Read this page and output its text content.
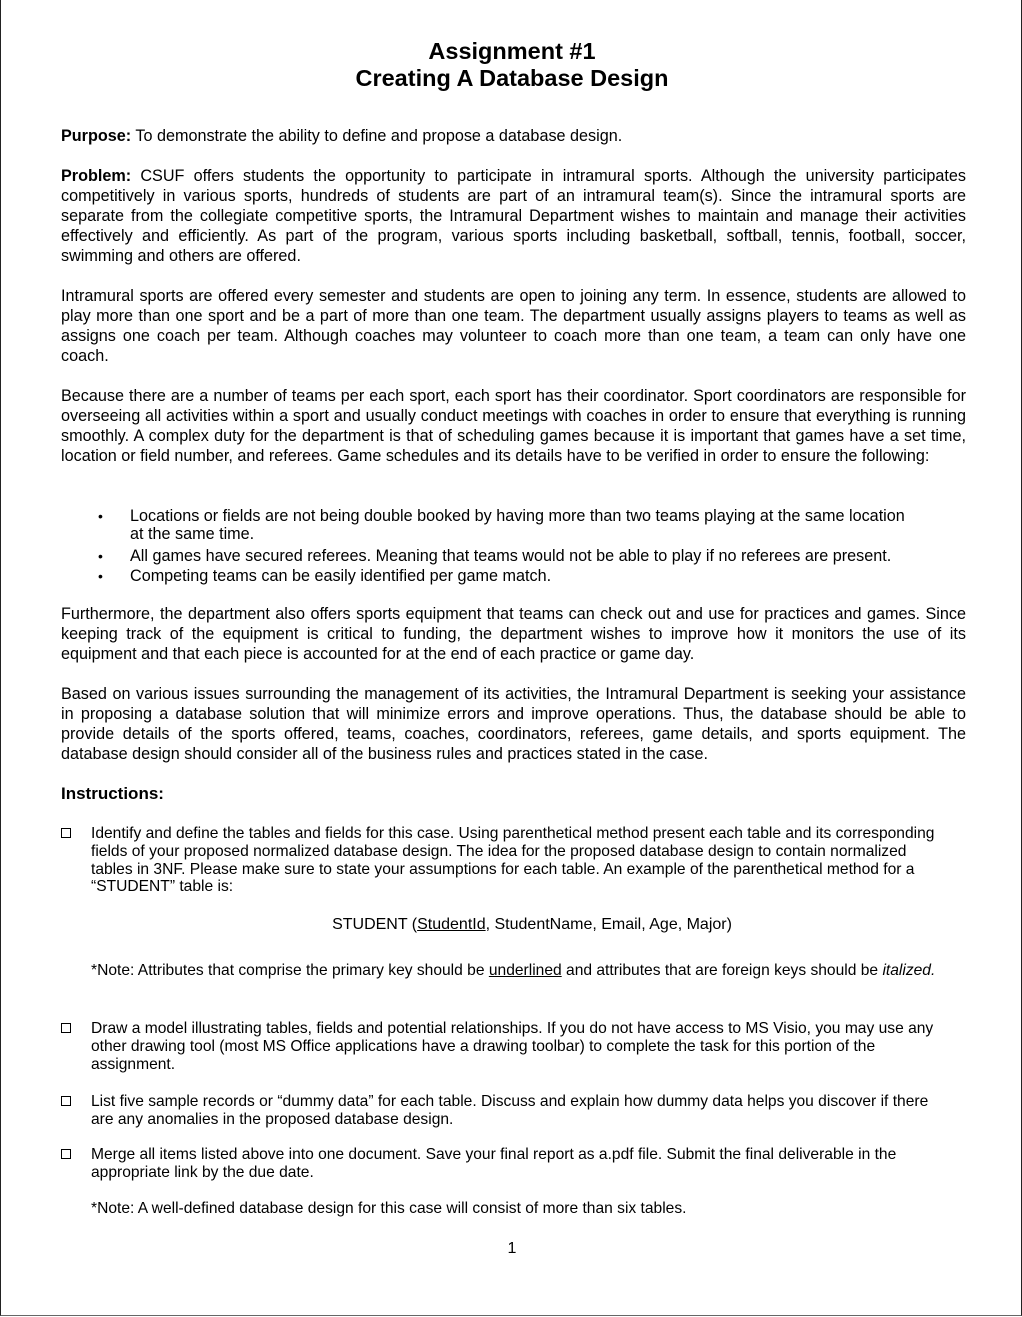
Assignment #1
Creating A Database Design
Purpose: To demonstrate the ability to define and propose a database design.
Problem: CSUF offers students the opportunity to participate in intramural sports. Although the university participates competitively in various sports, hundreds of students are part of an intramural team(s). Since the intramural sports are separate from the collegiate competitive sports, the Intramural Department wishes to maintain and manage their activities effectively and efficiently. As part of the program, various sports including basketball, softball, tennis, football, soccer, swimming and others are offered.
Intramural sports are offered every semester and students are open to joining any term. In essence, students are allowed to play more than one sport and be a part of more than one team. The department usually assigns players to teams as well as assigns one coach per team. Although coaches may volunteer to coach more than one team, a team can only have one coach.
Because there are a number of teams per each sport, each sport has their coordinator. Sport coordinators are responsible for overseeing all activities within a sport and usually conduct meetings with coaches in order to ensure that everything is running smoothly. A complex duty for the department is that of scheduling games because it is important that games have a set time, location or field number, and referees. Game schedules and its details have to be verified in order to ensure the following:
• Locations or fields are not being double booked by having more than two teams playing at the same location at the same time.
• All games have secured referees. Meaning that teams would not be able to play if no referees are present.
• Competing teams can be easily identified per game match.
Furthermore, the department also offers sports equipment that teams can check out and use for practices and games. Since keeping track of the equipment is critical to funding, the department wishes to improve how it monitors the use of its equipment and that each piece is accounted for at the end of each practice or game day.
Based on various issues surrounding the management of its activities, the Intramural Department is seeking your assistance in proposing a database solution that will minimize errors and improve operations. Thus, the database should be able to provide details of the sports offered, teams, coaches, coordinators, referees, game details, and sports equipment. The database design should consider all of the business rules and practices stated in the case.
Instructions:
Identify and define the tables and fields for this case. Using parenthetical method present each table and its corresponding fields of your proposed normalized database design. The idea for the proposed database design to contain normalized tables in 3NF. Please make sure to state your assumptions for each table. An example of the parenthetical method for a “STUDENT” table is:
STUDENT (StudentId, StudentName, Email, Age, Major)
*Note: Attributes that comprise the primary key should be underlined and attributes that are foreign keys should be italized.
Draw a model illustrating tables, fields and potential relationships. If you do not have access to MS Visio, you may use any other drawing tool (most MS Office applications have a drawing toolbar) to complete the task for this portion of the assignment.
List five sample records or “dummy data” for each table. Discuss and explain how dummy data helps you discover if there are any anomalies in the proposed database design.
Merge all items listed above into one document. Save your final report as a.pdf file. Submit the final deliverable in the appropriate link by the due date.
*Note: A well-defined database design for this case will consist of more than six tables.
1
